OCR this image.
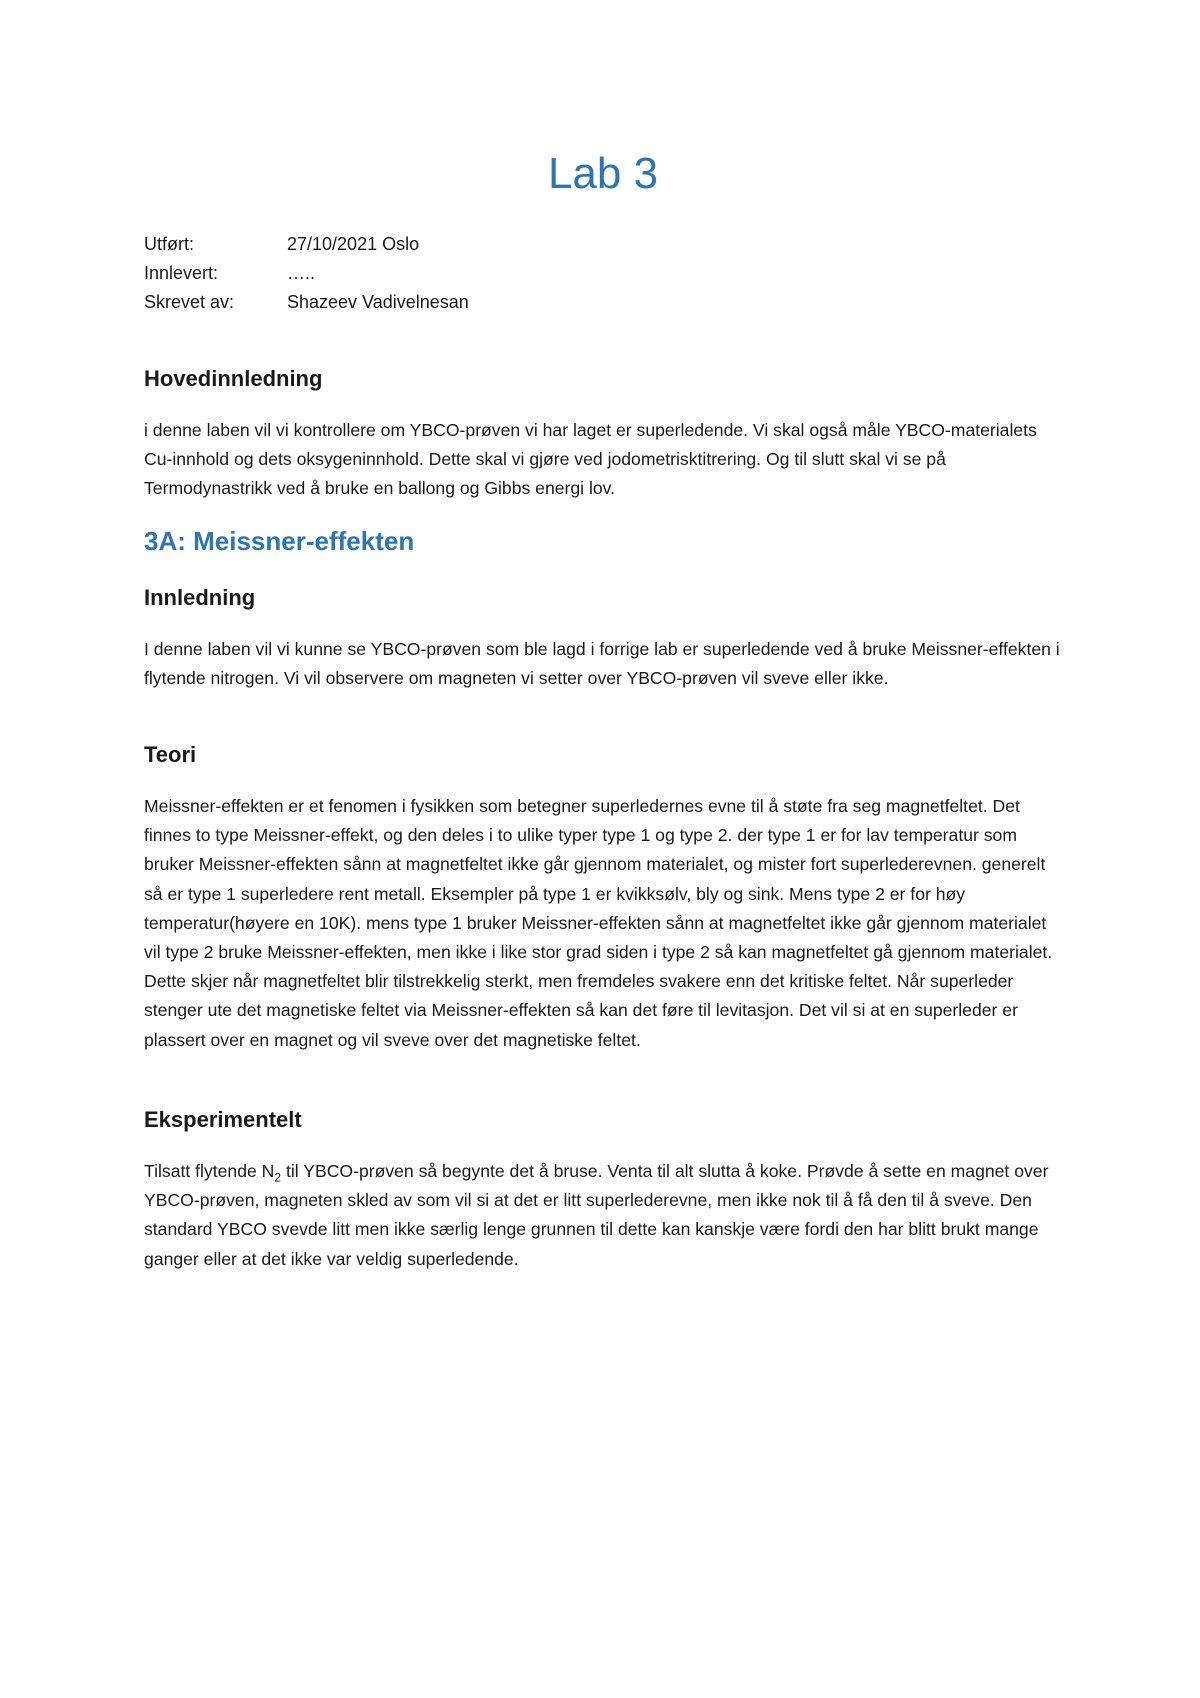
Lab 3
Utført:	27/10/2021 Oslo
Innlevert:	…..
Skrevet av:	Shazeev Vadivelnesan
Hovedinnledning

i denne laben vil vi kontrollere om YBCO-prøven vi har laget er superledende. Vi skal også måle YBCO-materialets Cu-innhold og dets oksygeninnhold. Dette skal vi gjøre ved jodometrisktitrering. Og til slutt skal vi se på Termodynastrikk ved å bruke en ballong og Gibbs energi lov.

3A: Meissner-effekten
Innledning

I denne laben vil vi kunne se YBCO-prøven som ble lagd i forrige lab er superledende ved å bruke Meissner-effekten i flytende nitrogen. Vi vil observere om magneten vi setter over YBCO-prøven vil sveve eller ikke.

Teori

Meissner-effekten er et fenomen i fysikken som betegner superledernes evne til å støte fra seg magnetfeltet. Det finnes to type Meissner-effekt, og den deles i to ulike typer type 1 og type 2. der type 1 er for lav temperatur som bruker Meissner-effekten sånn at magnetfeltet ikke går gjennom materialet, og mister fort superlederevnen. generelt så er type 1 superledere rent metall. Eksempler på type 1 er kvikksølv, bly og sink. Mens type 2 er for høy temperatur(høyere en 10K). mens type 1 bruker Meissner-effekten sånn at magnetfeltet ikke går gjennom materialet vil type 2 bruke Meissner-effekten, men ikke i like stor grad siden i type 2 så kan magnetfeltet gå gjennom materialet. Dette skjer når magnetfeltet blir tilstrekkelig sterkt, men fremdeles svakere enn det kritiske feltet. Når superleder stenger ute det magnetiske feltet via Meissner-effekten så kan det føre til levitasjon. Det vil si at en superleder er plassert over en magnet og vil sveve over det magnetiske feltet.

Eksperimentelt

Tilsatt flytende $N_2$ til YBCO-prøven så begynte det å bruse. Venta til alt slutta å koke. Prøvde å sette en magnet over YBCO-prøven, magneten skled av som vil si at det er litt superlederevne, men ikke nok til å få den til å sveve. Den standard YBCO svevde litt men ikke særlig lenge grunnen til dette kan kanskje være fordi den har blitt brukt mange ganger eller at det ikke var veldig superledende.
